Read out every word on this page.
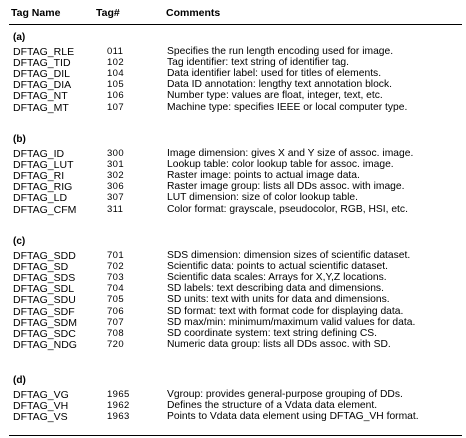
Tag Name	Tag#	Comments
(a)
DFTAG_RLE	011	Specifies the run length encoding used for image.
DFTAG_TID	102	Tag identifier: text string of identifier tag.
DFTAG_DIL	104	Data identifier label: used for titles of elements.
DFTAG_DIA	105	Data ID annotation: lengthy text annotation block.
DFTAG_NT	106	Number type: values are float, integer, text, etc.
DFTAG_MT	107	Machine type: specifies IEEE or local computer type.
(b)
DFTAG_ID	300	Image dimension: gives X and Y size of assoc. image.
DFTAG_LUT	301	Lookup table: color lookup table for assoc. image.
DFTAG_RI	302	Raster image: points to actual image data.
DFTAG_RIG	306	Raster image group: lists all DDs assoc. with image.
DFTAG_LD	307	LUT dimension: size of color lookup table.
DFTAG_CFM	311	Color format: grayscale, pseudocolor, RGB, HSI, etc.
(c)
DFTAG_SDD	701	SDS dimension: dimension sizes of scientific dataset.
DFTAG_SD	702	Scientific data: points to actual scientific dataset.
DFTAG_SDS	703	Scientific data scales: Arrays for X,Y,Z locations.
DFTAG_SDL	704	SD labels: text describing data and dimensions.
DFTAG_SDU	705	SD units: text with units for data and dimensions.
DFTAG_SDF	706	SD format: text with format code for displaying data.
DFTAG_SDM	707	SD max/min: minimum/maximum valid values for data.
DFTAG_SDC	708	SD coordinate system: text string defining CS.
DFTAG_NDG	720	Numeric data group: lists all DDs assoc. with SD.
(d)
DFTAG_VG	1965	Vgroup: provides general-purpose grouping of DDs.
DFTAG_VH	1962	Defines the structure of a Vdata data element.
DFTAG_VS	1963	Points to Vdata data element using DFTAG_VH format.
